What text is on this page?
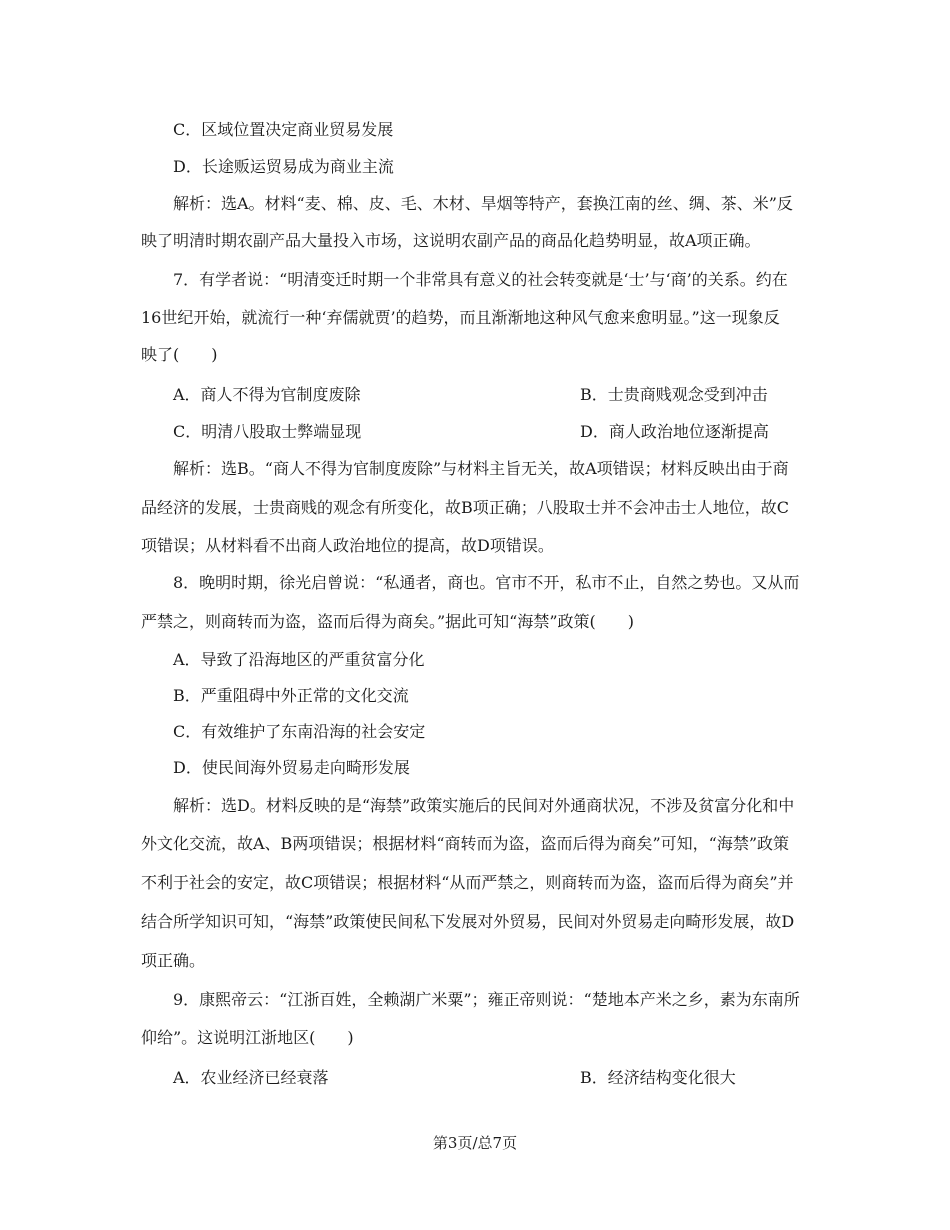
C．区域位置决定商业贸易发展
D．长途贩运贸易成为商业主流
解析：选A。材料“麦、棉、皮、毛、木材、旱烟等特产，套换江南的丝、绸、茶、米”反
映了明清时期农副产品大量投入市场，这说明农副产品的商品化趋势明显，故A项正确。
7．有学者说：“明清变迁时期一个非常具有意义的社会转变就是‘士’与‘商’的关系。约在
16世纪开始，就流行一种‘弃儒就贾’的趋势，而且渐渐地这种风气愈来愈明显。”这一现象反
映了(　　)
A．商人不得为官制度废除	B．士贵商贱观念受到冲击
C．明清八股取士弊端显现	D．商人政治地位逐渐提高
解析：选B。“商人不得为官制度废除”与材料主旨无关，故A项错误；材料反映出由于商
品经济的发展，士贵商贱的观念有所变化，故B项正确；八股取士并不会冲击士人地位，故C
项错误；从材料看不出商人政治地位的提高，故D项错误。
8．晚明时期，徐光启曾说：“私通者，商也。官市不开，私市不止，自然之势也。又从而
严禁之，则商转而为盗，盗而后得为商矣。”据此可知“海禁”政策(　　)
A．导致了沿海地区的严重贫富分化
B．严重阻碍中外正常的文化交流
C．有效维护了东南沿海的社会安定
D．使民间海外贸易走向畸形发展
解析：选D。材料反映的是“海禁”政策实施后的民间对外通商状况，不涉及贫富分化和中
外文化交流，故A、B两项错误；根据材料“商转而为盗，盗而后得为商矣”可知，“海禁”政策
不利于社会的安定，故C项错误；根据材料“从而严禁之，则商转而为盗，盗而后得为商矣”并
结合所学知识可知，“海禁”政策使民间私下发展对外贸易，民间对外贸易走向畸形发展，故D
项正确。
9．康熙帝云：“江浙百姓，全赖湖广米粟”；雍正帝则说：“楚地本产米之乡，素为东南所
仰给”。这说明江浙地区(　　)
A．农业经济已经衰落	B．经济结构变化很大
第3页/总7页
